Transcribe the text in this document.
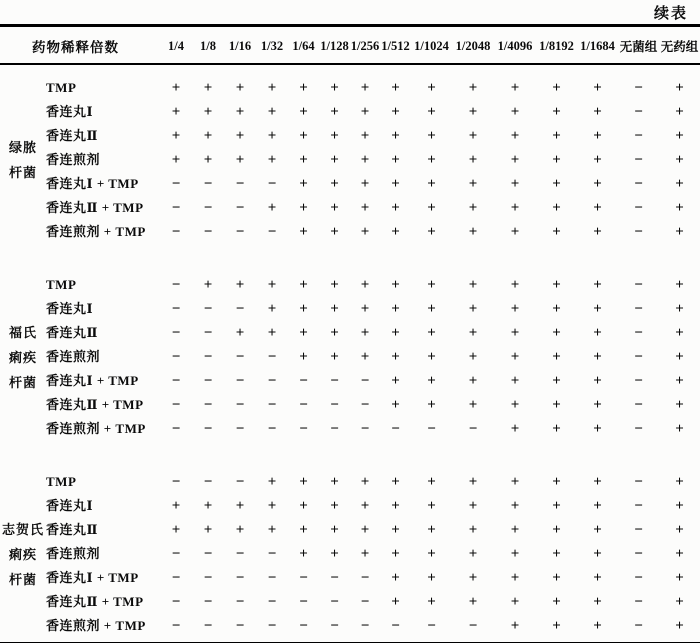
续表
药物稀释倍数		1/4	1/8	1/16	1/32	1/64	1/128	1/256	1/512	1/1024	1/2048	1/4096	1/8192	1/1684	无菌组	无药组

绿脓
杆菌	TMP	+	+	+	+	+	+	+	+	+	+	+	+	+	−	+
	香连丸Ⅰ	+	+	+	+	+	+	+	+	+	+	+	+	+	−	+
	香连丸Ⅱ	+	+	+	+	+	+	+	+	+	+	+	+	+	−	+
	香连煎剂	+	+	+	+	+	+	+	+	+	+	+	+	+	−	+
	香连丸Ⅰ + TMP	−	−	−	−	+	+	+	+	+	+	+	+	+	−	+
	香连丸Ⅱ + TMP	−	−	−	+	+	+	+	+	+	+	+	+	+	−	+
	香连煎剂 + TMP	−	−	−	−	+	+	+	+	+	+	+	+	+	−	+

福氏
痢疾
杆菌	TMP	−	+	+	+	+	+	+	+	+	+	+	+	+	−	+
	香连丸Ⅰ	−	−	−	+	+	+	+	+	+	+	+	+	+	−	+
	香连丸Ⅱ	−	−	+	+	+	+	+	+	+	+	+	+	+	−	+
	香连煎剂	−	−	−	−	+	+	+	+	+	+	+	+	+	−	+
	香连丸Ⅰ + TMP	−	−	−	−	−	−	−	+	+	+	+	+	+	−	+
	香连丸Ⅱ + TMP	−	−	−	−	−	−	−	+	+	+	+	+	+	−	+
	香连煎剂 + TMP	−	−	−	−	−	−	−	−	−	−	+	+	+	−	+

志贺氏
痢疾
杆菌	TMP	−	−	−	+	+	+	+	+	+	+	+	+	+	−	+
	香连丸Ⅰ	+	+	+	+	+	+	+	+	+	+	+	+	+	−	+
	香连丸Ⅱ	+	+	+	+	+	+	+	+	+	+	+	+	+	−	+
	香连煎剂	−	−	−	−	+	+	+	+	+	+	+	+	+	−	+
	香连丸Ⅰ + TMP	−	−	−	−	−	−	−	+	+	+	+	+	+	−	+
	香连丸Ⅱ + TMP	−	−	−	−	−	−	−	+	+	+	+	+	+	−	+
	香连煎剂 + TMP	−	−	−	−	−	−	−	−	−	−	+	+	+	−	+
